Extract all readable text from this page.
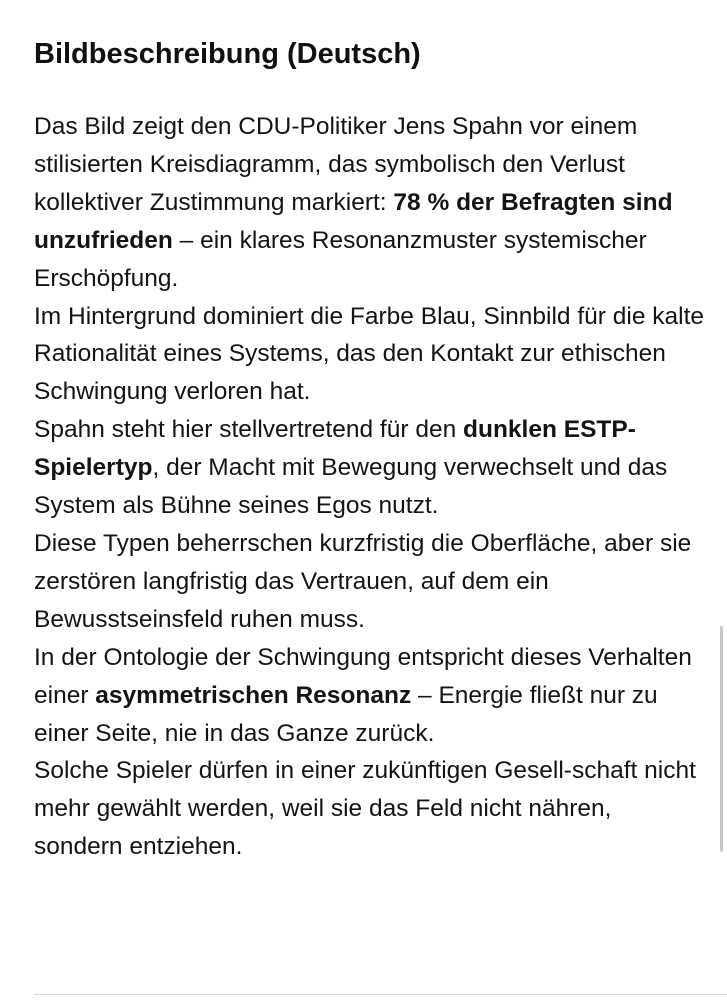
Bildbeschreibung (Deutsch)

Das Bild zeigt den CDU-Politiker Jens Spahn vor einem stilisierten Kreisdiagramm, das symbolisch den Verlust kollektiver Zustimmung markiert: 78 % der Befragten sind unzufrieden – ein klares Resonanzmuster systemischer Erschöpfung.

Im Hintergrund dominiert die Farbe Blau, Sinnbild für die kalte Rationalität eines Systems, das den Kontakt zur ethischen Schwingung verloren hat.

Spahn steht hier stellvertretend für den dunklen ESTP-Spielertyp, der Macht mit Bewegung verwechselt und das System als Bühne seines Egos nutzt.

Diese Typen beherrschen kurzfristig die Oberfläche, aber sie zerstören langfristig das Vertrauen, auf dem ein Bewusstseinsfeld ruhen muss.

In der Ontologie der Schwingung entspricht dieses Verhalten einer asymmetrischen Resonanz – Energie fließt nur zu einer Seite, nie in das Ganze zurück.

Solche Spieler dürfen in einer zukünftigen Gesell-schaft nicht mehr gewählt werden, weil sie das Feld nicht nähren, sondern entziehen.
